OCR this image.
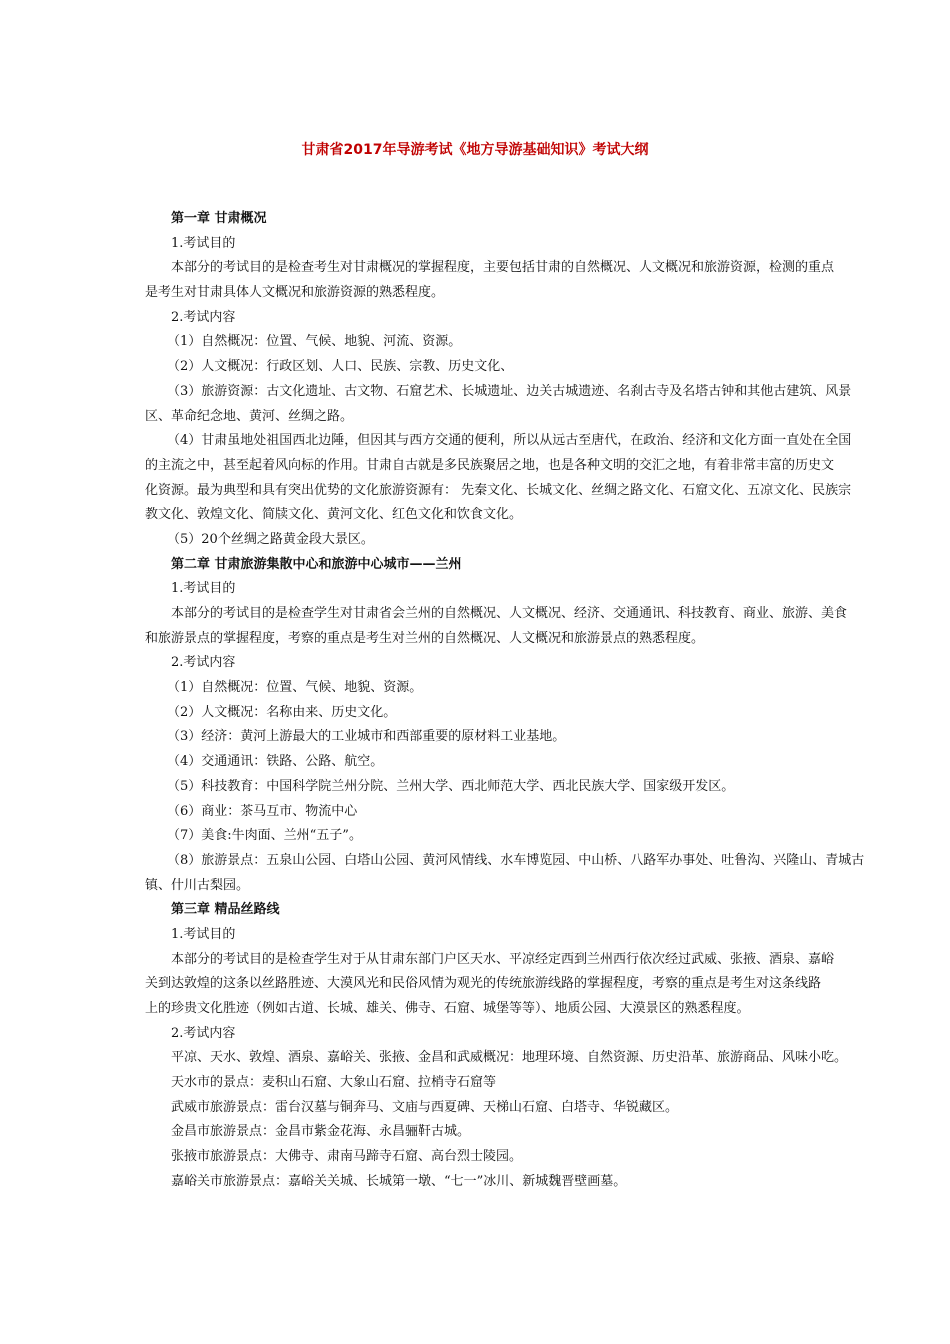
甘肃省2017年导游考试《地方导游基础知识》考试大纲
第一章 甘肃概况
1.考试目的
本部分的考试目的是检查考生对甘肃概况的掌握程度，主要包括甘肃的自然概况、人文概况和旅游资源，检测的重点
是考生对甘肃具体人文概况和旅游资源的熟悉程度。
2.考试内容
（1）自然概况：位置、气候、地貌、河流、资源。
（2）人文概况：行政区划、人口、民族、宗教、历史文化、
（3）旅游资源：古文化遗址、古文物、石窟艺术、长城遗址、边关古城遗迹、名刹古寺及名塔古钟和其他古建筑、风景
区、革命纪念地、黄河、丝绸之路。
（4）甘肃虽地处祖国西北边陲，但因其与西方交通的便利，所以从远古至唐代，在政治、经济和文化方面一直处在全国
的主流之中，甚至起着风向标的作用。甘肃自古就是多民族聚居之地，也是各种文明的交汇之地，有着非常丰富的历史文
化资源。最为典型和具有突出优势的文化旅游资源有： 先秦文化、长城文化、丝绸之路文化、石窟文化、五凉文化、民族宗
教文化、敦煌文化、简牍文化、黄河文化、红色文化和饮食文化。
（5）20个丝绸之路黄金段大景区。
第二章 甘肃旅游集散中心和旅游中心城市——兰州
1.考试目的
本部分的考试目的是检查学生对甘肃省会兰州的自然概况、人文概况、经济、交通通讯、科技教育、商业、旅游、美食
和旅游景点的掌握程度，考察的重点是考生对兰州的自然概况、人文概况和旅游景点的熟悉程度。
2.考试内容
（1）自然概况：位置、气候、地貌、资源。
（2）人文概况：名称由来、历史文化。
（3）经济：黄河上游最大的工业城市和西部重要的原材料工业基地。
（4）交通通讯：铁路、公路、航空。
（5）科技教育：中国科学院兰州分院、兰州大学、西北师范大学、西北民族大学、国家级开发区。
（6）商业：茶马互市、物流中心
（7）美食:牛肉面、兰州“五子”。
（8）旅游景点：五泉山公园、白塔山公园、黄河风情线、水车博览园、中山桥、八路军办事处、吐鲁沟、兴隆山、青城古
镇、什川古梨园。
第三章 精品丝路线
1.考试目的
本部分的考试目的是检查学生对于从甘肃东部门户区天水、平凉经定西到兰州西行依次经过武威、张掖、酒泉、嘉峪
关到达敦煌的这条以丝路胜迹、大漠风光和民俗风情为观光的传统旅游线路的掌握程度，考察的重点是考生对这条线路
上的珍贵文化胜迹（例如古道、长城、雄关、佛寺、石窟、城堡等等）、地质公园、大漠景区的熟悉程度。
2.考试内容
平凉、天水、敦煌、酒泉、嘉峪关、张掖、金昌和武威概况：地理环境、自然资源、历史沿革、旅游商品、风味小吃。
天水市的景点：麦积山石窟、大象山石窟、拉梢寺石窟等
武威市旅游景点：雷台汉墓与铜奔马、文庙与西夏碑、天梯山石窟、白塔寺、华锐藏区。
金昌市旅游景点：金昌市紫金花海、永昌骊靬古城。
张掖市旅游景点：大佛寺、肃南马蹄寺石窟、高台烈士陵园。
嘉峪关市旅游景点：嘉峪关关城、长城第一墩、“七一”冰川、新城魏晋壁画墓。
